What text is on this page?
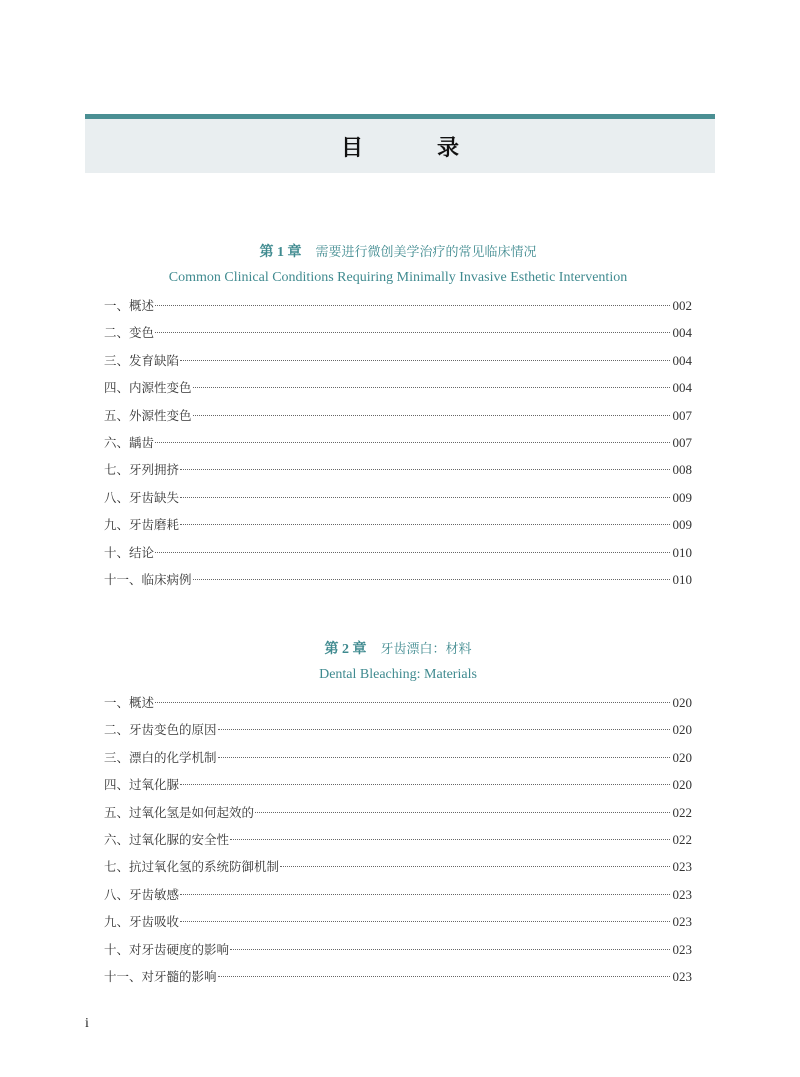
目　录
第 1 章 需要进行微创美学治疗的常见临床情况
Common Clinical Conditions Requiring Minimally Invasive Esthetic Intervention
一、概述	002
二、变色	004
三、发育缺陷	004
四、内源性变色	004
五、外源性变色	007
六、龋齿	007
七、牙列拥挤	008
八、牙齿缺失	009
九、牙齿磨耗	009
十、结论	010
十一、临床病例	010
第 2 章 牙齿漂白：材料
Dental Bleaching: Materials
一、概述	020
二、牙齿变色的原因	020
三、漂白的化学机制	020
四、过氧化脲	020
五、过氧化氢是如何起效的	022
六、过氧化脲的安全性	022
七、抗过氧化氢的系统防御机制	023
八、牙齿敏感	023
九、牙齿吸收	023
十、对牙齿硬度的影响	023
十一、对牙髓的影响	023
i
